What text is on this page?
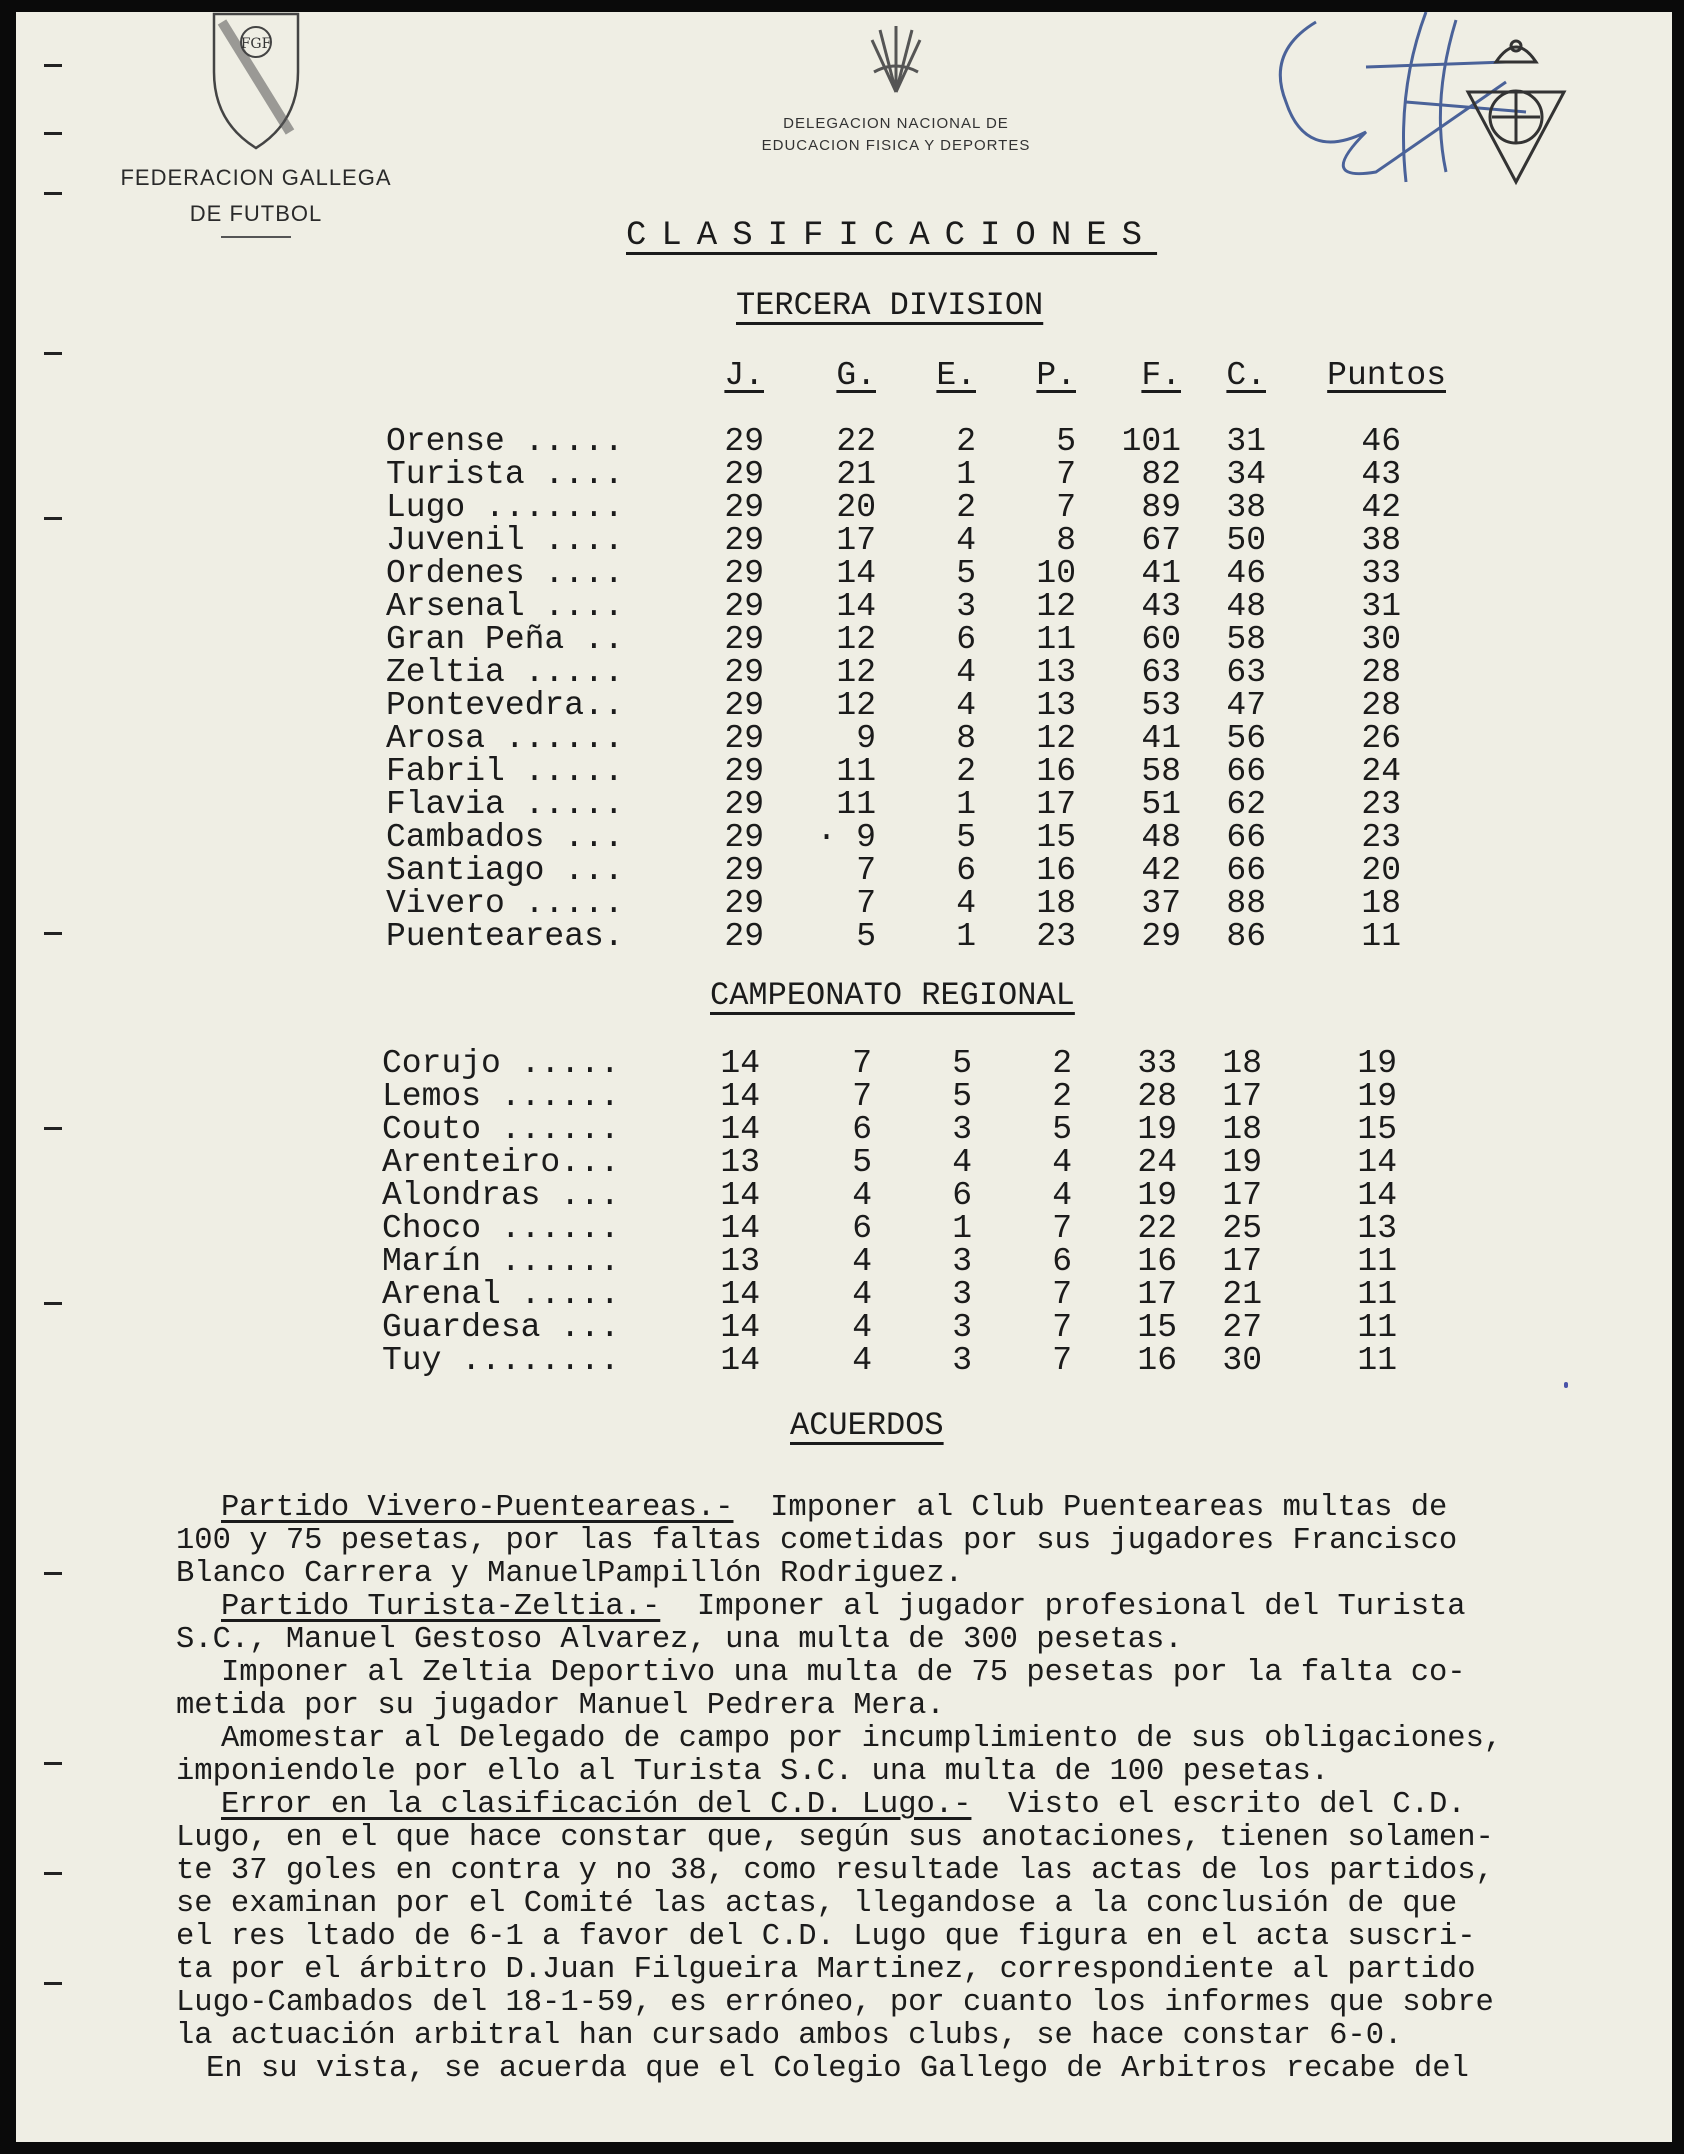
FGF
FEDERACION GALLEGA
DE FUTBOL
DELEGACION NACIONAL DE
EDUCACION FISICA Y DEPORTES
CLASIFICACIONES
TERCERA DIVISION
J.	G.	E.	P.	F.	C.	Puntos
Orense .....	29	22	2	5	101	31	46
Turista ....	29	21	1	7	82	34	43
Lugo .......	29	20	2	7	89	38	42
Juvenil ....	29	17	4	8	67	50	38
Ordenes ....	29	14	5	10	41	46	33
Arsenal ....	29	14	3	12	43	48	31
Gran Peña ..	29	12	6	11	60	58	30
Zeltia .....	29	12	4	13	63	63	28
Pontevedra..	29	12	4	13	53	47	28
Arosa ......	29	9	8	12	41	56	26
Fabril .....	29	11	2	16	58	66	24
Flavia .....	29	11	1	17	51	62	23
Cambados ...	29	· 9	5	15	48	66	23
Santiago ...	29	7	6	16	42	66	20
Vivero .....	29	7	4	18	37	88	18
Puenteareas.	29	5	1	23	29	86	11
CAMPEONATO REGIONAL
Corujo .....	14	7	5	2	33	18	19
Lemos ......	14	7	5	2	28	17	19
Couto ......	14	6	3	5	19	18	15
Arenteiro...	13	5	4	4	24	19	14
Alondras ...	14	4	6	4	19	17	14
Choco ......	14	6	1	7	22	25	13
Marín ......	13	4	3	6	16	17	11
Arenal .....	14	4	3	7	17	21	11
Guardesa ...	14	4	3	7	15	27	11
Tuy ........	14	4	3	7	16	30	11
ACUERDOS

Partido Vivero-Puenteareas.-  Imponer al Club Puenteareas multas de

100 y 75 pesetas, por las faltas cometidas por sus jugadores Francisco

Blanco Carrera y ManuelPampillón Rodriguez.

Partido Turista-Zeltia.-  Imponer al jugador profesional del Turista

S.C., Manuel Gestoso Alvarez, una multa de 300 pesetas.

Imponer al Zeltia Deportivo una multa de 75 pesetas por la falta co-

metida por su jugador Manuel Pedrera Mera.

Amomestar al Delegado de campo por incumplimiento de sus obligaciones,

imponiendole por ello al Turista S.C. una multa de 100 pesetas.

Error en la clasificación del C.D. Lugo.-  Visto el escrito del C.D.

Lugo, en el que hace constar que, según sus anotaciones, tienen solamen-

te 37 goles en contra y no 38, como resultade las actas de los partidos,

se examinan por el Comité las actas, llegandose a la conclusión de que

el res ltado de 6-1 a favor del C.D. Lugo que figura en el acta suscri-

ta por el árbitro D.Juan Filgueira Martinez, correspondiente al partido

Lugo-Cambados del 18-1-59, es erróneo, por cuanto los informes que sobre

la actuación arbitral han cursado ambos clubs, se hace constar 6-0.

En su vista, se acuerda que el Colegio Gallego de Arbitros recabe del
